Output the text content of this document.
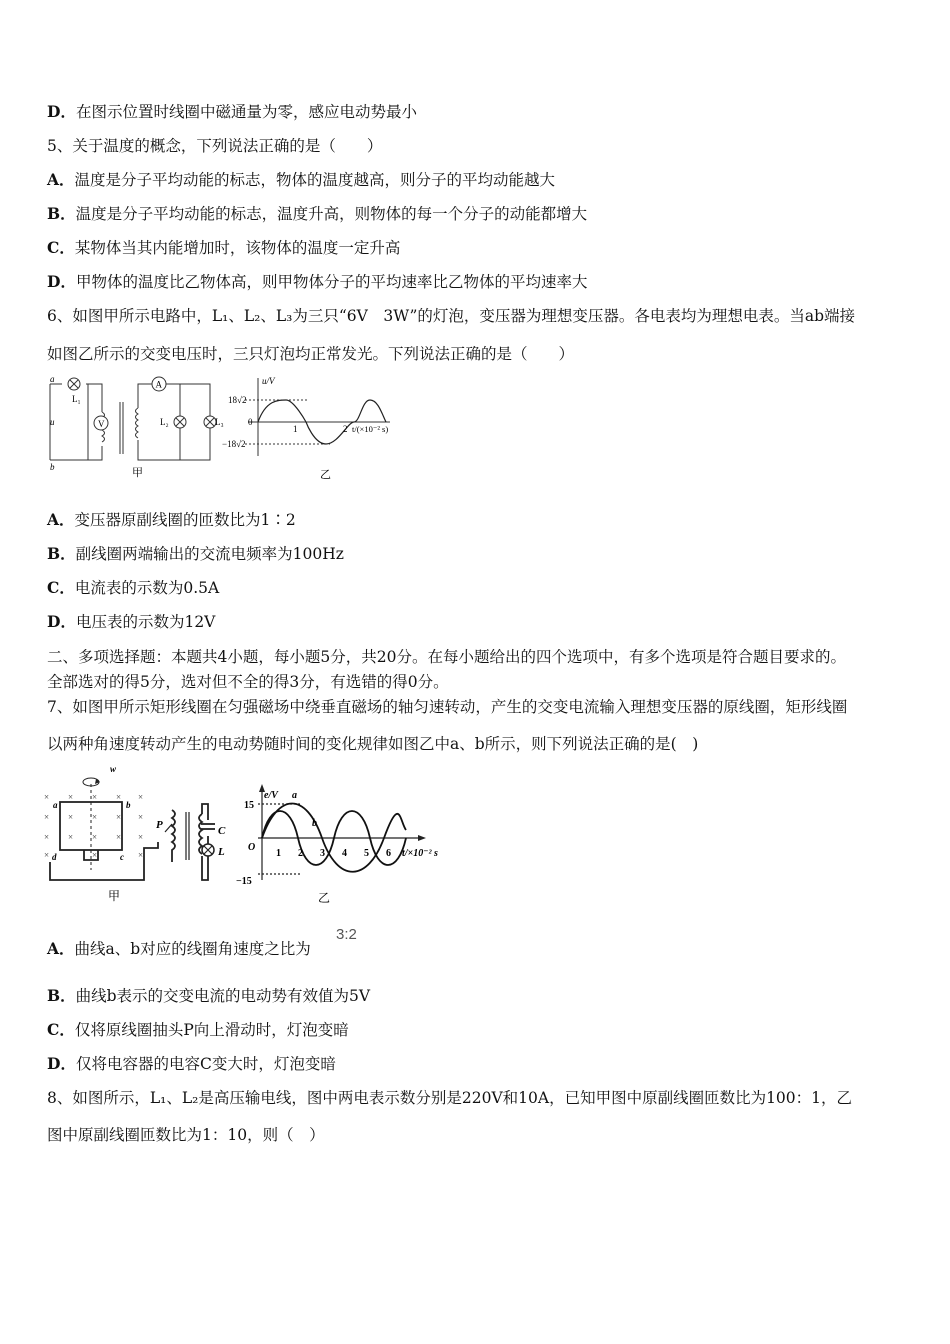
D．在图示位置时线圈中磁通量为零，感应电动势最小
5、关于温度的概念，下列说法正确的是（　　）
A．温度是分子平均动能的标志，物体的温度越高，则分子的平均动能越大
B．温度是分子平均动能的标志，温度升高，则物体的每一个分子的动能都增大
C．某物体当其内能增加时，该物体的温度一定升高
D．甲物体的温度比乙物体高，则甲物体分子的平均速率比乙物体的平均速率大
6、如图甲所示电路中，L₁、L₂、L₃为三只“6V　3W”的灯泡，变压器为理想变压器。各电表均为理想电表。当ab端接
如图乙所示的交变电压时，三只灯泡均正常发光。下列说法正确的是（　　）
V
A
a
b
u
L₁
L₂	L₃
甲
u/V
18√2
0
−18√2
1	2 t/(×10⁻² s)
乙
A．变压器原副线圈的匝数比为1∶2
B．副线圈两端输出的交流电频率为100Hz
C．电流表的示数为0.5A
D．电压表的示数为12V
二、多项选择题：本题共4小题，每小题5分，共20分。在每小题给出的四个选项中，有多个选项是符合题目要求的。
全部选对的得5分，选对但不全的得3分，有选错的得0分。
7、如图甲所示矩形线圈在匀强磁场中绕垂直磁场的轴匀速转动，产生的交变电流输入理想变压器的原线圈，矩形线圈
以两种角速度转动产生的电动势随时间的变化规律如图乙中a、b所示，则下列说法正确的是(　)
× × × × ×
× × × × ×
× × × × ×
×	×	×
w
a	b
c
d
P	C
L
甲
e/V
15
O
−15
a
b
1 2 3 4 5 6 t/×10⁻² s
乙
A．曲线a、b对应的线圈角速度之比为
3:2
B．曲线b表示的交变电流的电动势有效值为5V
C．仅将原线圈抽头P向上滑动时，灯泡变暗
D．仅将电容器的电容C变大时，灯泡变暗
8、如图所示，L₁、L₂是高压输电线，图中两电表示数分别是220V和10A，已知甲图中原副线圈匝数比为100：1，乙
图中原副线圈匝数比为1：10，则（　）
